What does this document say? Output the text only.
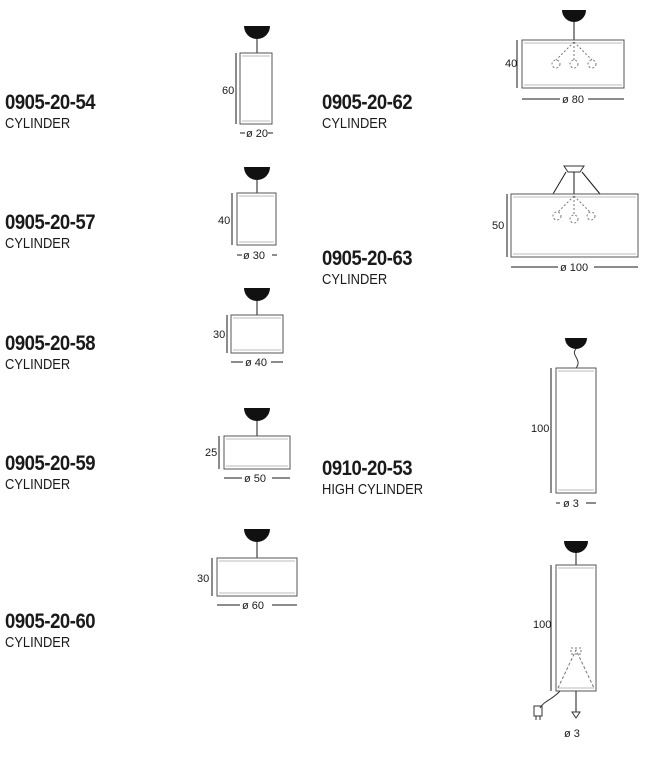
0905-20-54
CYLINDER
0905-20-57
CYLINDER
0905-20-58
CYLINDER
0905-20-59
CYLINDER
0905-20-60
CYLINDER
0905-20-62
CYLINDER
0905-20-63
CYLINDER
0910-20-53
HIGH CYLINDER
60
ø 20
40
ø 30
30
ø 40
25
ø 50
30
ø 60
40
ø 80
50
ø 100
100
ø 3
100
ø 3
